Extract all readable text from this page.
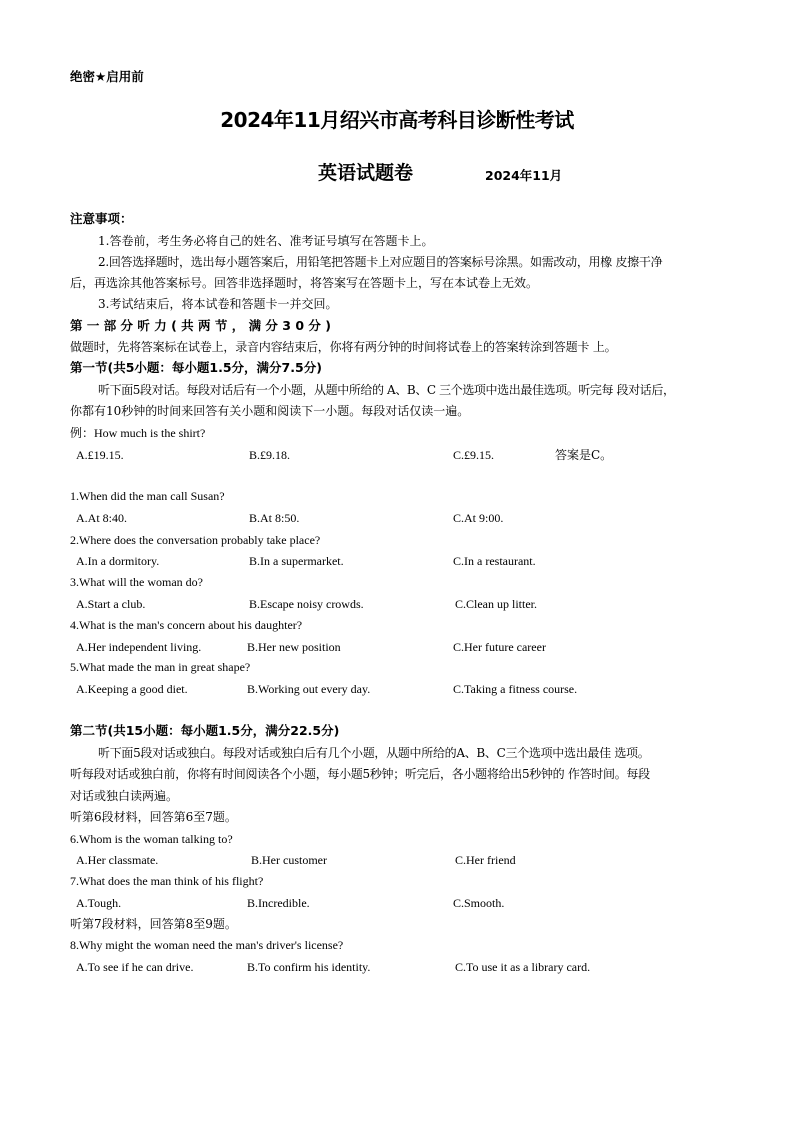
绝密★启用前
2024年11月绍兴市高考科目诊断性考试
英语试题卷	2024年11月
注意事项：
1.答卷前，考生务必将自己的姓名、准考证号填写在答题卡上。
2.回答选择题时，选出每小题答案后，用铅笔把答题卡上对应题目的答案标号涂黑。如需改动，用橡 皮擦干净
后，再选涂其他答案标号。回答非选择题时，将答案写在答题卡上，写在本试卷上无效。
3.考试结束后，将本试卷和答题卡一并交回。
第 一 部 分 听 力 ( 共 两 节 ， 满 分 3 0 分 )
做题时，先将答案标在试卷上，录音内容结束后，你将有两分钟的时间将试卷上的答案转涂到答题卡 上。
第一节(共5小题：每小题1.5分，满分7.5分)
听下面5段对话。每段对话后有一个小题，从题中所给的 A、B、C 三个选项中选出最佳选项。听完每 段对话后，
你都有10秒钟的时间来回答有关小题和阅读下一小题。每段对话仅读一遍。
例：How much is the shirt?
A.£19.15.	B.£9.18.	C.£9.15.	答案是C。
1.When did the man call Susan?
A.At 8:40.	B.At 8:50.	C.At 9:00.
2.Where does the conversation probably take place?
A.In a dormitory.	B.In a supermarket.	C.In a restaurant.
3.What will the woman do?
A.Start a club.	B.Escape noisy crowds.	C.Clean up litter.
4.What is the man's concern about his daughter?
A.Her independent living.	B.Her new position	C.Her future career
5.What made the man in great shape?
A.Keeping a good diet.	B.Working out every day.	C.Taking a fitness course.
第二节(共15小题：每小题1.5分，满分22.5分)
听下面5段对话或独白。每段对话或独白后有几个小题，从题中所给的A、B、C三个选项中选出最佳 选项。
听每段对话或独白前，你将有时间阅读各个小题，每小题5秒钟；听完后，各小题将给出5秒钟的 作答时间。每段
对话或独白读两遍。
听第6段材料，回答第6至7题。
6.Whom is the woman talking to?
A.Her classmate.	B.Her customer	C.Her friend
7.What does the man think of his flight?
A.Tough.	B.Incredible.	C.Smooth.
听第7段材料，回答第8至9题。
8.Why might the woman need the man's driver's license?
A.To see if he can drive.	B.To confirm his identity.	C.To use it as a library card.
